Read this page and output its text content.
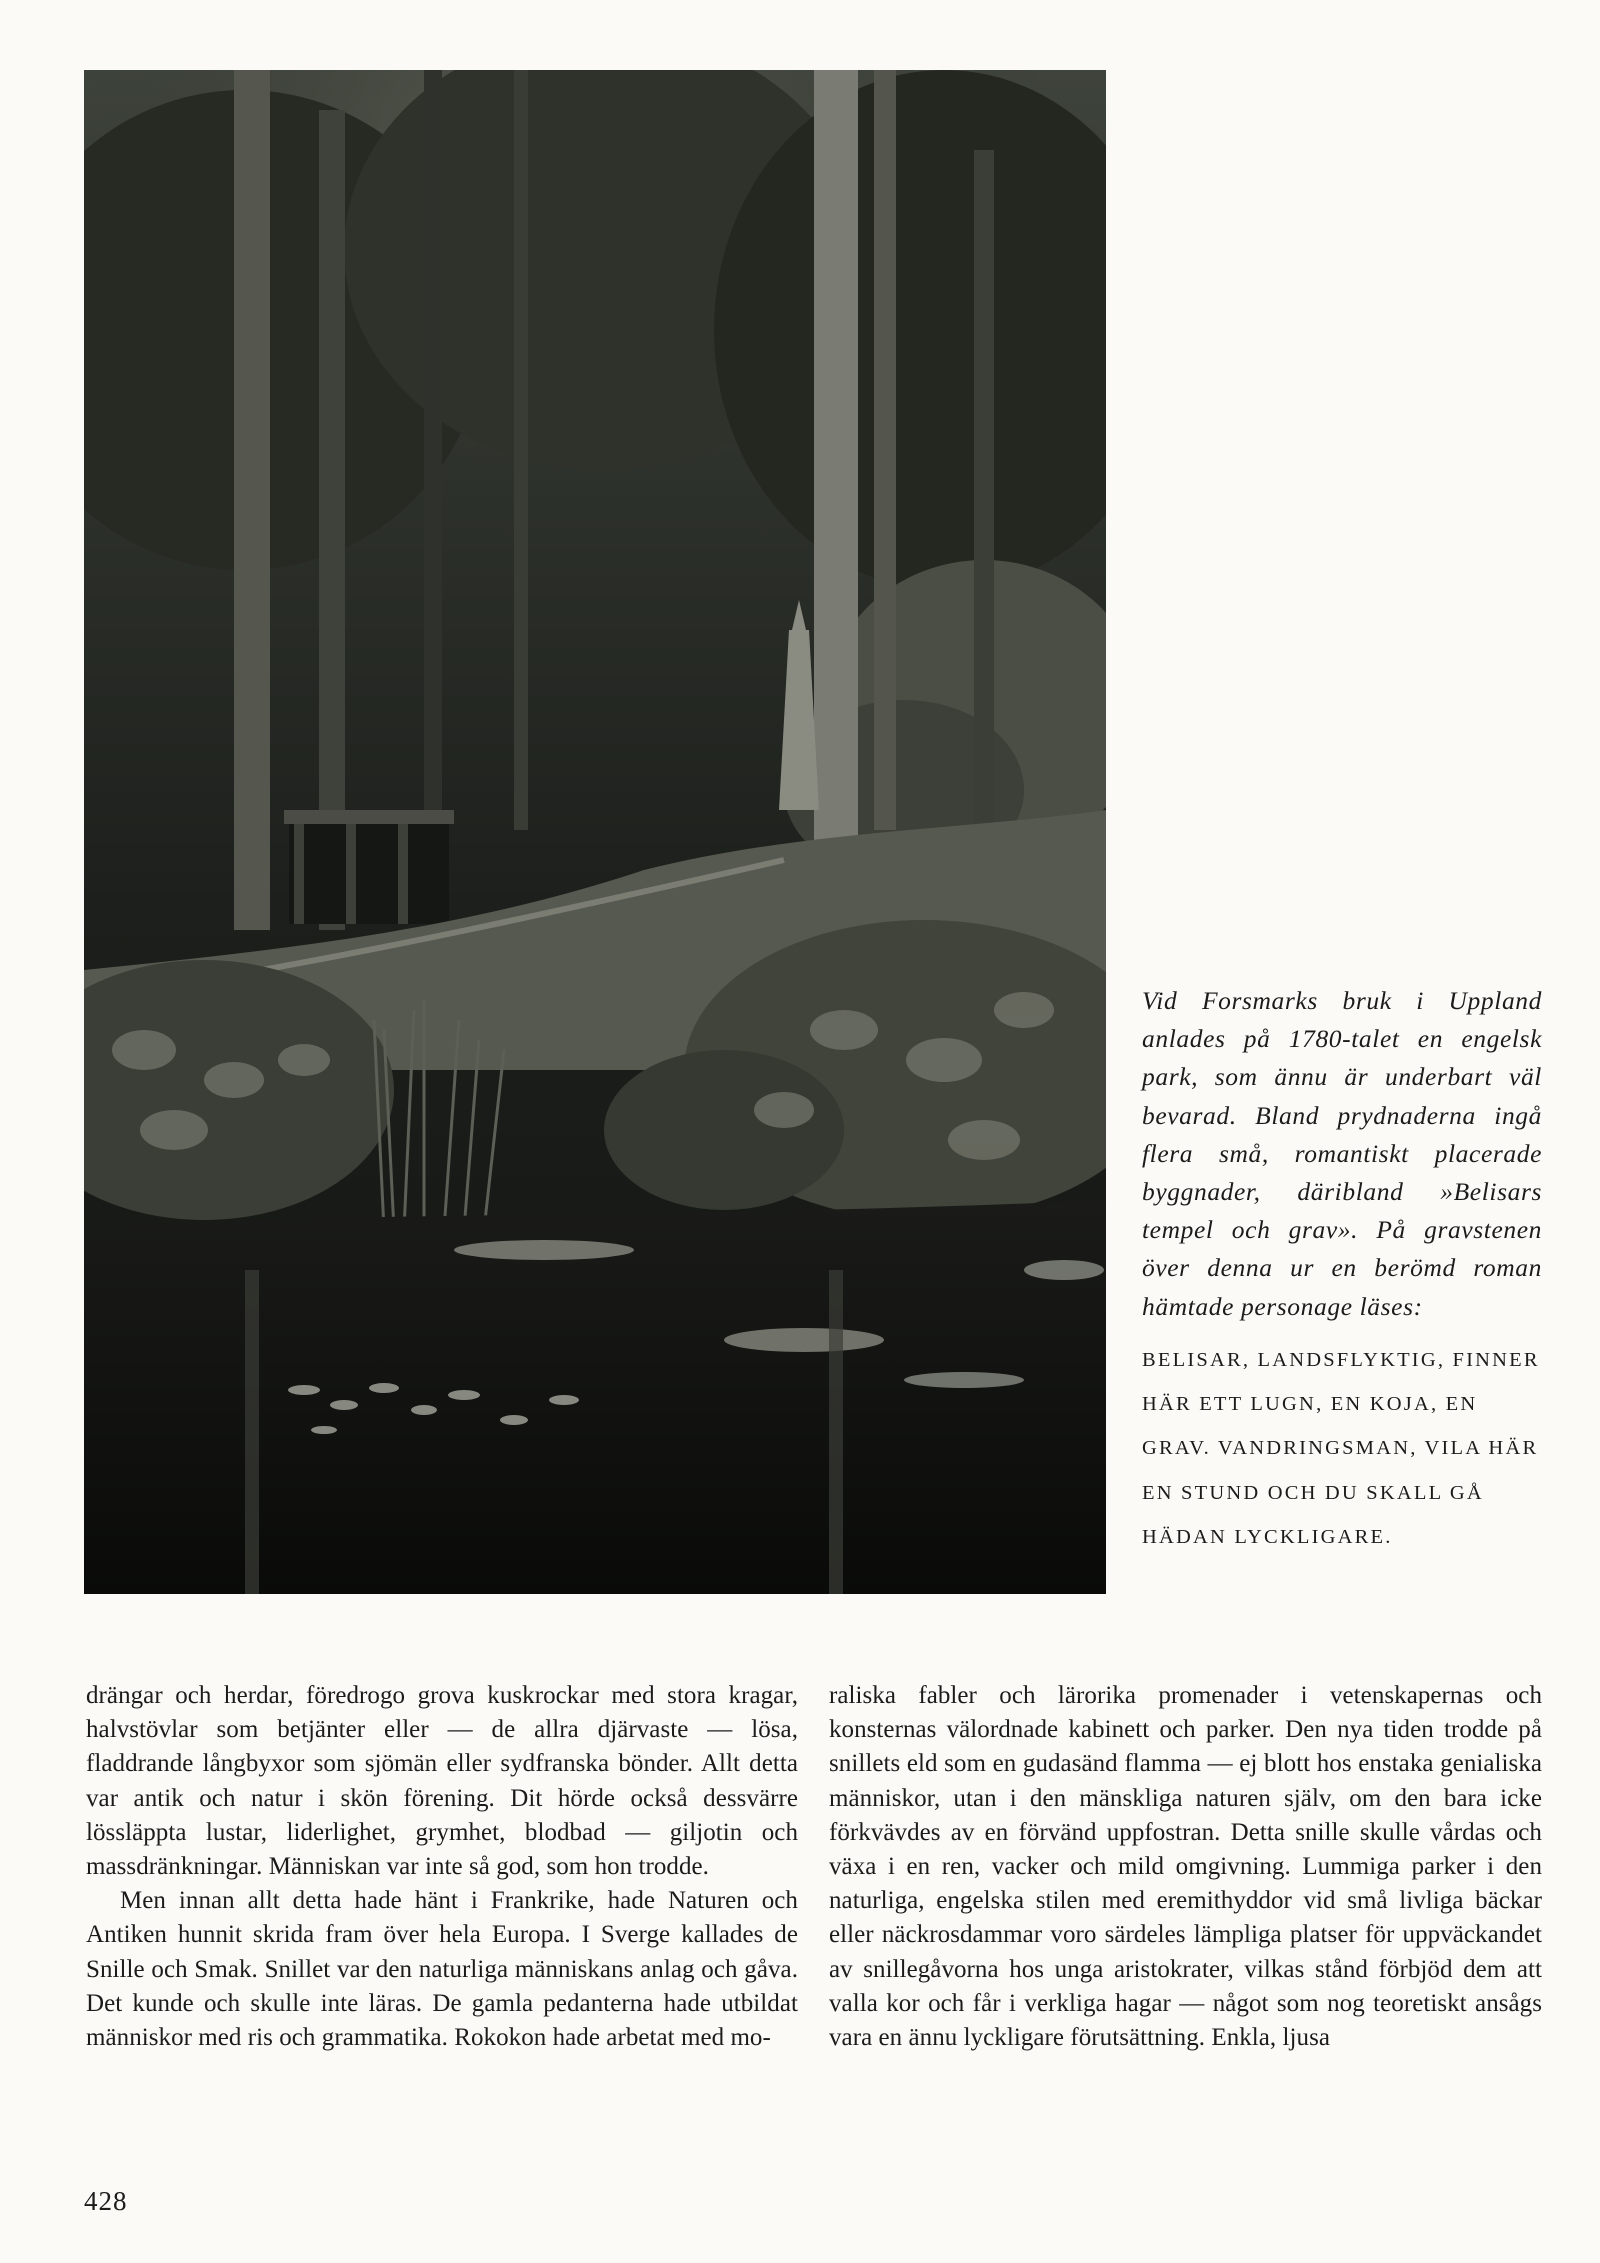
Vid Forsmarks bruk i Uppland anlades på 1780-talet en engelsk park, som ännu är underbart väl bevarad. Bland prydnaderna ingå flera små, romantiskt placerade byggnader, däribland »Belisars tempel och grav». På gravstenen över denna ur en berömd roman hämtade personage läses:

BELISAR, LANDSFLYKTIG, FINNER HÄR ETT LUGN, EN KOJA, EN GRAV. VANDRINGSMAN, VILA HÄR EN STUND OCH DU SKALL GÅ HÄDAN LYCKLIGARE.

drängar och herdar, föredrogo grova kuskrockar med stora kragar, halvstövlar som betjänter eller — de allra djärvaste — lösa, fladdrande långbyxor som sjömän eller sydfranska bönder. Allt detta var antik och natur i skön förening. Dit hörde också dessvärre lössläppta lustar, liderlighet, grymhet, blodbad — giljotin och massdränkningar. Människan var inte så god, som hon trodde.

Men innan allt detta hade hänt i Frankrike, hade Naturen och Antiken hunnit skrida fram över hela Europa. I Sverge kallades de Snille och Smak. Snillet var den naturliga människans anlag och gåva. Det kunde och skulle inte läras. De gamla pedanterna hade utbildat människor med ris och grammatika. Rokokon hade arbetat med mo-

raliska fabler och lärorika promenader i vetenskapernas och konsternas välordnade kabinett och parker. Den nya tiden trodde på snillets eld som en gudasänd flamma — ej blott hos enstaka genialiska människor, utan i den mänskliga naturen själv, om den bara icke förkvävdes av en förvänd uppfostran. Detta snille skulle vårdas och växa i en ren, vacker och mild omgivning. Lummiga parker i den naturliga, engelska stilen med eremithyddor vid små livliga bäckar eller näckrosdammar voro särdeles lämpliga platser för uppväckandet av snillegåvorna hos unga aristokrater, vilkas stånd förbjöd dem att valla kor och får i verkliga hagar — något som nog teoretiskt ansågs vara en ännu lyckligare förutsättning. Enkla, ljusa

428
